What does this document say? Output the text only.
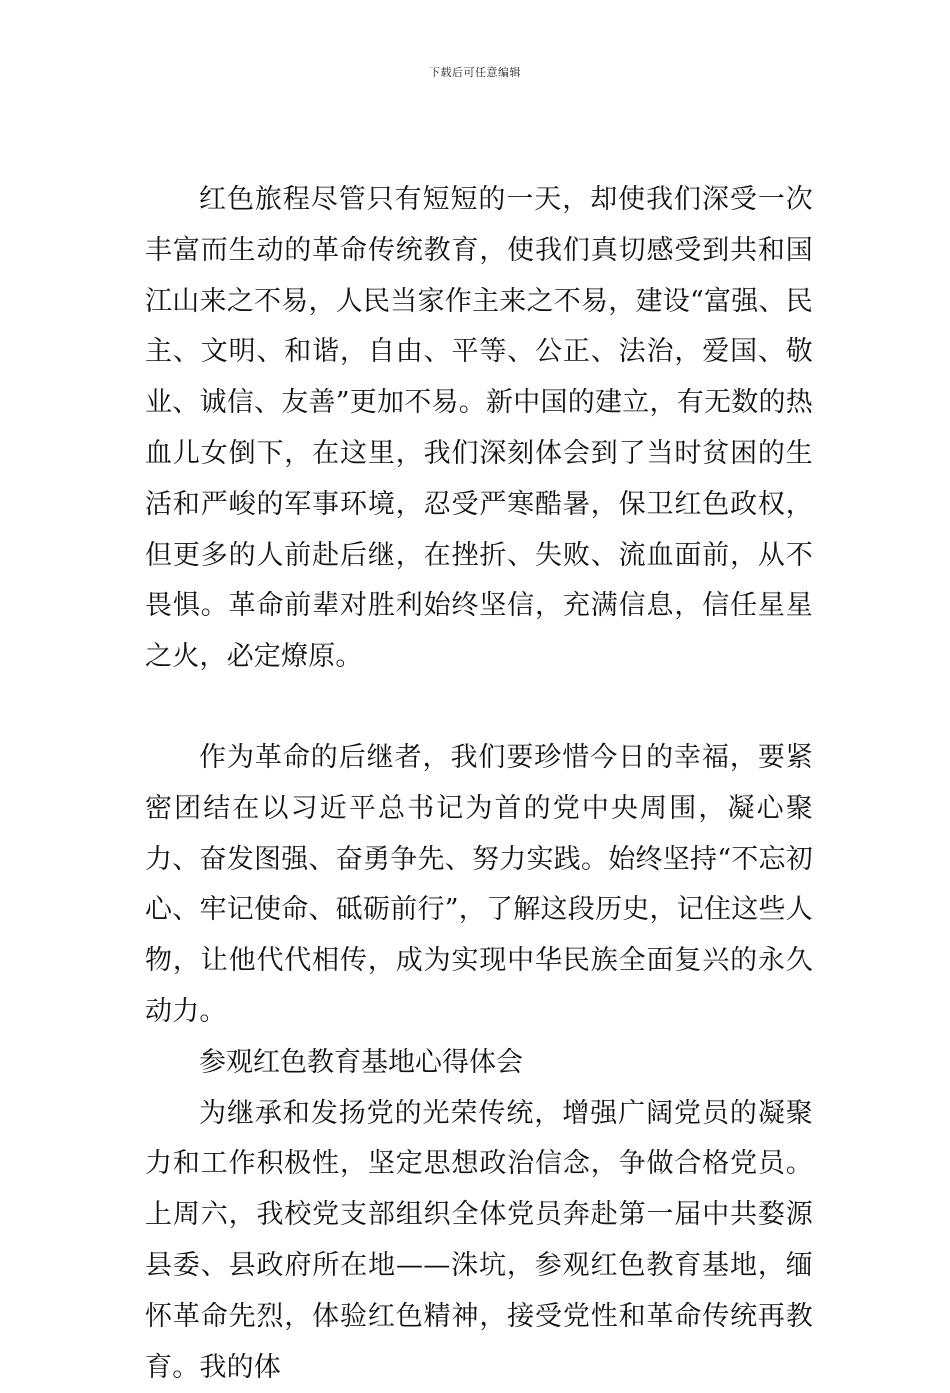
下载后可任意编辑

红色旅程尽管只有短短的一天，却使我们深受一次丰富而生动的革命传统教育，使我们真切感受到共和国江山来之不易，人民当家作主来之不易，建设“富强、民主、文明、和谐，自由、平等、公正、法治，爱国、敬业、诚信、友善”更加不易。新中国的建立，有无数的热血儿女倒下，在这里，我们深刻体会到了当时贫困的生活和严峻的军事环境，忍受严寒酷暑，保卫红色政权，但更多的人前赴后继，在挫折、失败、流血面前，从不畏惧。革命前辈对胜利始终坚信，充满信息，信任星星之火，必定燎原。

作为革命的后继者，我们要珍惜今日的幸福，要紧密团结在以习近平总书记为首的党中央周围，凝心聚力、奋发图强、奋勇争先、努力实践。始终坚持“不忘初心、牢记使命、砥砺前行”，了解这段历史，记住这些人物，让他代代相传，成为实现中华民族全面复兴的永久动力。

参观红色教育基地心得体会

为继承和发扬党的光荣传统，增强广阔党员的凝聚力和工作积极性，坚定思想政治信念，争做合格党员。上周六，我校党支部组织全体党员奔赴第一届中共婺源县委、县政府所在地——洙坑，参观红色教育基地，缅怀革命先烈，体验红色精神，接受党性和革命传统再教育。我的体
